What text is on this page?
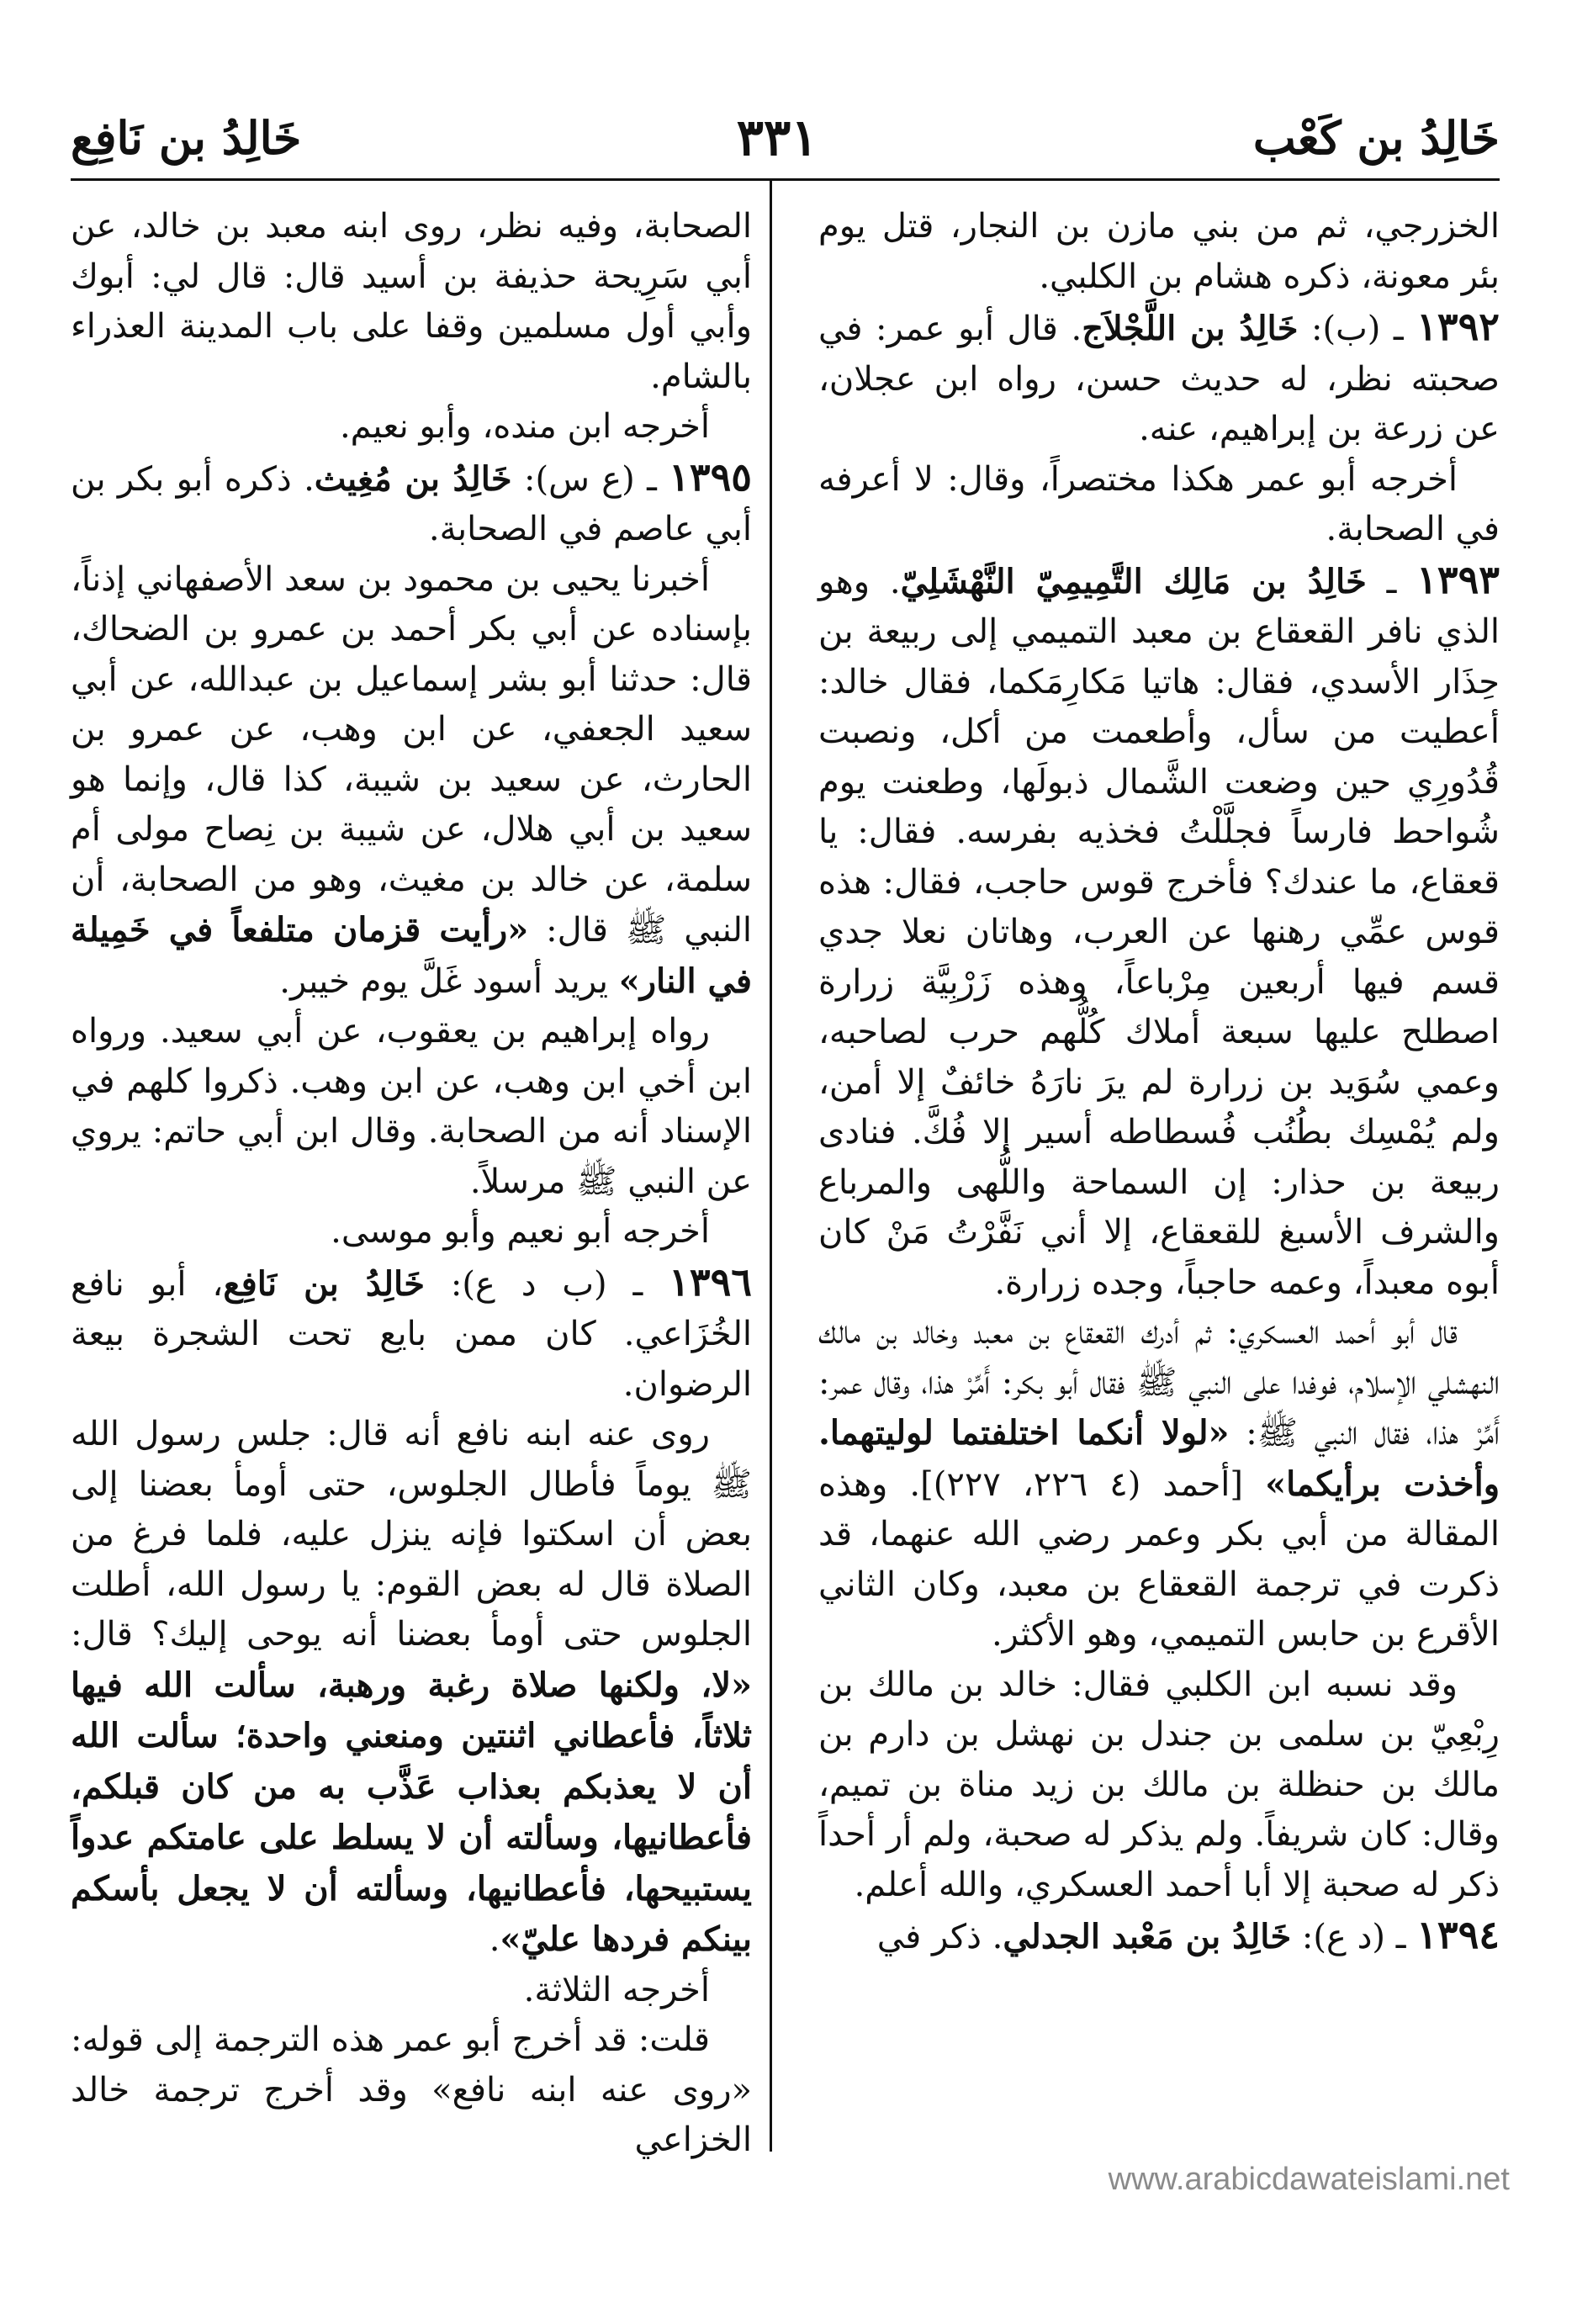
خَالِدُ بن كَعْب
٣٣١
خَالِدُ بن نَافِع

الخزرجي، ثم من بني مازن بن النجار، قتل يوم بئر معونة، ذكره هشام بن الكلبي.

١٣٩٢ ـ (ب): خَالِدُ بن اللَّجْلاَج. قال أبو عمر: في صحبته نظر، له حديث حسن، رواه ابن عجلان، عن زرعة بن إبراهيم، عنه.

أخرجه أبو عمر هكذا مختصراً، وقال: لا أعرفه في الصحابة.

١٣٩٣ ـ خَالِدُ بن مَالِك التَّمِيمِيّ النَّهْشَلِيّ. وهو الذي نافر القعقاع بن معبد التميمي إلى ربيعة بن حِذَار الأسدي، فقال: هاتيا مَكارِمَكما، فقال خالد: أعطيت من سأل، وأطعمت من أكل، ونصبت قُدُورِي حين وضعت الشَّمال ذبولَها، وطعنت يوم شُواحط فارساً فجلَّلْتُ فخذيه بفرسه. فقال: يا قعقاع، ما عندك؟ فأخرج قوس حاجب، فقال: هذه قوس عمِّي رهنها عن العرب، وهاتان نعلا جدي قسم فيها أربعين مِرْباعاً، وهذه زَرْبِيَّة زرارة اصطلح عليها سبعة أملاك كُلُّهم حرب لصاحبه، وعمي سُوَيد بن زرارة لم يرَ نارَهُ خائفٌ إلا أمن، ولم يُمْسِك بطُنُب فُسطاطه أسير إلا فُكَّ. فنادى ربيعة بن حذار: إن السماحة واللُّهى والمرباع والشرف الأسبغ للقعقاع، إلا أني نَفَّرْتُ مَنْ كان أبوه معبداً، وعمه حاجباً، وجده زرارة.

قال أبو أحمد العسكري: ثم أدرك القعقاع بن معبد وخالد بن مالك النهشلي الإسلام، فوفدا على النبي ﷺ فقال أبو بكر: أَمِّرْ هذا، وقال عمر: أَمِّرْ هذا، فقال النبي ﷺ: «لولا أنكما اختلفتما لوليتهما. وأخذت برأيكما» [أحمد (٤ ٢٢٦، ٢٢٧)]. وهذه المقالة من أبي بكر وعمر رضي الله عنهما، قد ذكرت في ترجمة القعقاع بن معبد، وكان الثاني الأقرع بن حابس التميمي، وهو الأكثر.

وقد نسبه ابن الكلبي فقال: خالد بن مالك بن رِبْعِيّ بن سلمى بن جندل بن نهشل بن دارم بن مالك بن حنظلة بن مالك بن زيد مناة بن تميم، وقال: كان شريفاً. ولم يذكر له صحبة، ولم أر أحداً ذكر له صحبة إلا أبا أحمد العسكري، والله أعلم.

١٣٩٤ ـ (د ع): خَالِدُ بن مَعْبد الجدلي. ذكر في

الصحابة، وفيه نظر، روى ابنه معبد بن خالد، عن أبي سَرِيحة حذيفة بن أسيد قال: قال لي: أبوك وأبي أول مسلمين وقفا على باب المدينة العذراء بالشام.

أخرجه ابن منده، وأبو نعيم.

١٣٩٥ ـ (ع س): خَالِدُ بن مُغِيث. ذكره أبو بكر بن أبي عاصم في الصحابة.

أخبرنا يحيى بن محمود بن سعد الأصفهاني إذناً، بإسناده عن أبي بكر أحمد بن عمرو بن الضحاك، قال: حدثنا أبو بشر إسماعيل بن عبدالله، عن أبي سعيد الجعفي، عن ابن وهب، عن عمرو بن الحارث، عن سعيد بن شيبة، كذا قال، وإنما هو سعيد بن أبي هلال، عن شيبة بن نِصاح مولى أم سلمة، عن خالد بن مغيث، وهو من الصحابة، أن النبي ﷺ قال: «رأيت قزمان متلفعاً في خَمِيلة في النار» يريد أسود غَلَّ يوم خيبر.

رواه إبراهيم بن يعقوب، عن أبي سعيد. ورواه ابن أخي ابن وهب، عن ابن وهب. ذكروا كلهم في الإسناد أنه من الصحابة. وقال ابن أبي حاتم: يروي عن النبي ﷺ مرسلاً.

أخرجه أبو نعيم وأبو موسى.

١٣٩٦ ـ (ب د ع): خَالِدُ بن نَافِع، أبو نافع الخُزَاعي. كان ممن بايع تحت الشجرة بيعة الرضوان.

روى عنه ابنه نافع أنه قال: جلس رسول الله ﷺ يوماً فأطال الجلوس، حتى أومأ بعضنا إلى بعض أن اسكتوا فإنه ينزل عليه، فلما فرغ من الصلاة قال له بعض القوم: يا رسول الله، أطلت الجلوس حتى أومأ بعضنا أنه يوحى إليك؟ قال: «لا، ولكنها صلاة رغبة ورهبة، سألت الله فيها ثلاثاً، فأعطاني اثنتين ومنعني واحدة؛ سألت الله أن لا يعذبكم بعذاب عَذَّب به من كان قبلكم، فأعطانيها، وسألته أن لا يسلط على عامتكم عدواً يستبيحها، فأعطانيها، وسألته أن لا يجعل بأسكم بينكم فردها عليّ».

أخرجه الثلاثة.

قلت: قد أخرج أبو عمر هذه الترجمة إلى قوله: «روى عنه ابنه نافع» وقد أخرج ترجمة خالد الخزاعي

www.arabicdawateislami.net
